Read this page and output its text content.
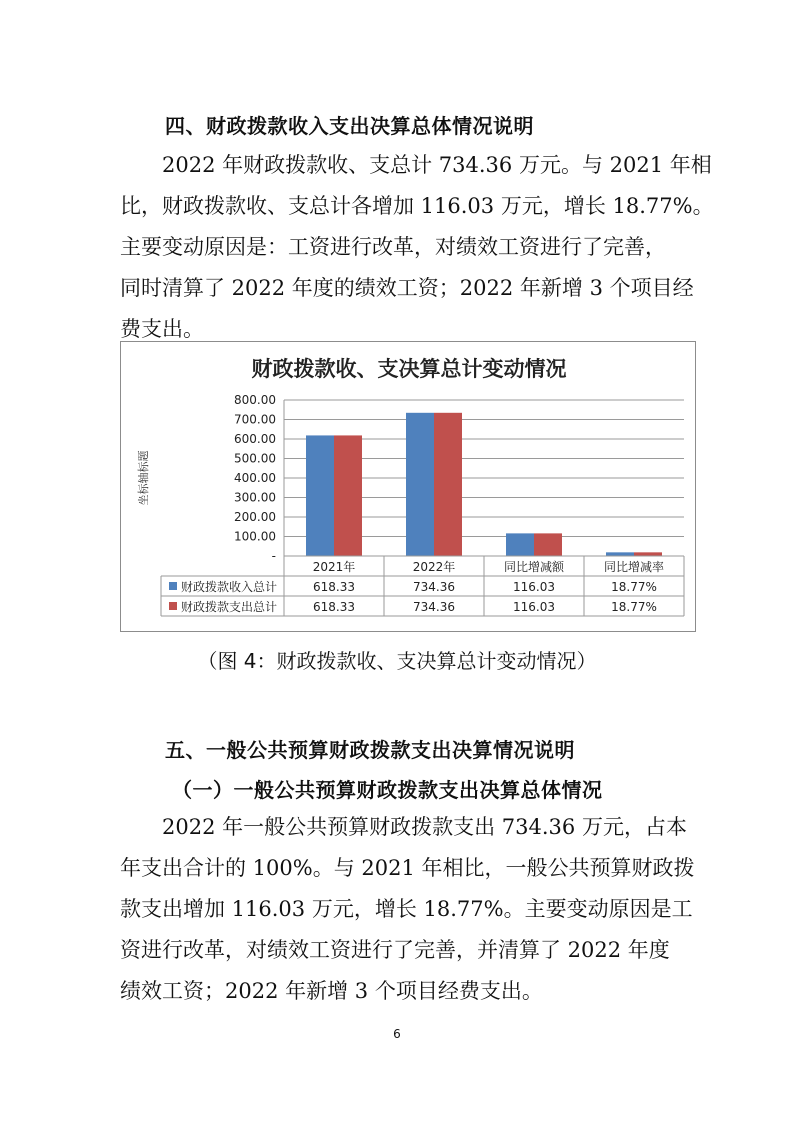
四、财政拨款收入支出决算总体情况说明
2022 年财政拨款收、支总计 734.36 万元。与 2021 年相
比，财政拨款收、支总计各增加 116.03 万元，增长 18.77%。
主要变动原因是：工资进行改革，对绩效工资进行了完善，
同时清算了 2022 年度的绩效工资；2022 年新增 3 个项目经
费支出。
财政拨款收、支决算总计变动情况
坐标轴标题
800.00
700.00
600.00
500.00
400.00
300.00
200.00
100.00
-
2021年	2022年	同比增减额	同比增减率
财政拨款收入总计	618.33	734.36	116.03	18.77%
财政拨款支出总计	618.33	734.36	116.03	18.77%
（图 4：财政拨款收、支决算总计变动情况）
五、一般公共预算财政拨款支出决算情况说明
（一）一般公共预算财政拨款支出决算总体情况
2022 年一般公共预算财政拨款支出 734.36 万元，占本
年支出合计的 100%。与 2021 年相比，一般公共预算财政拨
款支出增加 116.03 万元，增长 18.77%。主要变动原因是工
资进行改革，对绩效工资进行了完善，并清算了 2022 年度
绩效工资；2022 年新增 3 个项目经费支出。
6
